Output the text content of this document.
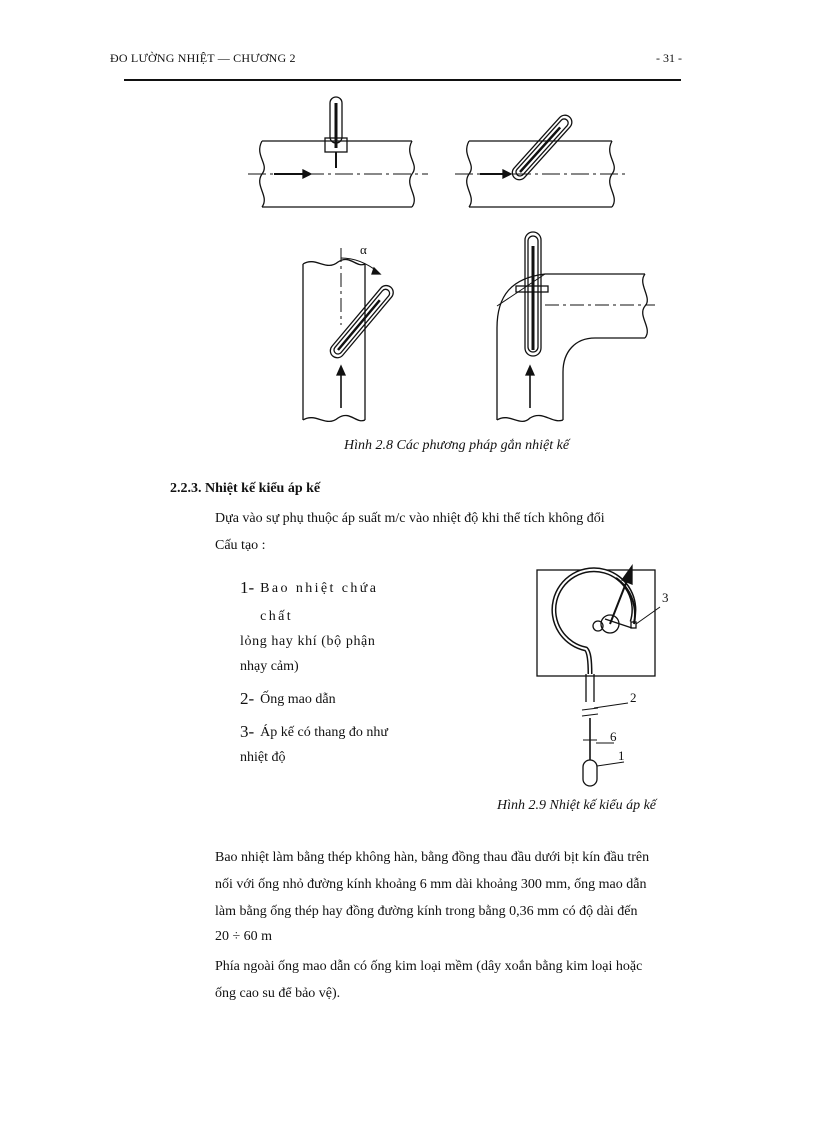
ĐO LƯỜNG NHIỆT — CHƯƠNG 2	- 31 -
α
Hình 2.8 Các phương pháp gắn nhiệt kế
2.2.3. Nhiệt kế kiểu áp kế
Dựa vào sự phụ thuộc áp suất m/c vào nhiệt độ khi thể tích không đổi
Cấu tạo :
1- Bao nhiệt chứa chất
lỏng hay khí (bộ phận
nhạy cảm)
2- Ống mao dẫn
3- Áp kế có thang đo như
nhiệt độ
3
2
6
1
Hình 2.9 Nhiệt kế kiểu áp kế
Bao nhiệt làm bằng thép không hàn, bằng đồng thau đầu dưới bịt kín đầu trên
nối với ống nhỏ đường kính khoảng 6 mm dài khoảng 300 mm, ống mao dẫn
làm bằng ống thép hay đồng đường kính trong bằng 0,36 mm có độ dài đến
20 ÷ 60 m
Phía ngoài ống mao dẫn có ống kim loại mềm (dây xoắn bằng kim loại hoặc
ống cao su để bảo vệ).
